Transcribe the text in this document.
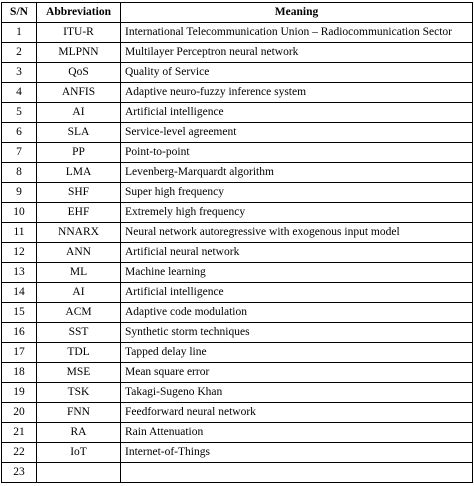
S/N	Abbreviation	Meaning
1	ITU-R	International Telecommunication Union – Radiocommunication Sector
2	MLPNN	Multilayer Perceptron neural network
3	QoS	Quality of Service
4	ANFIS	Adaptive neuro-fuzzy inference system
5	AI	Artificial intelligence
6	SLA	Service-level agreement
7	PP	Point-to-point
8	LMA	Levenberg-Marquardt algorithm
9	SHF	Super high frequency
10	EHF	Extremely high frequency
11	NNARX	Neural network autoregressive with exogenous input model
12	ANN	Artificial neural network
13	ML	Machine learning
14	AI	Artificial intelligence
15	ACM	Adaptive code modulation
16	SST	Synthetic storm techniques
17	TDL	Tapped delay line
18	MSE	Mean square error
19	TSK	Takagi-Sugeno Khan
20	FNN	Feedforward neural network
21	RA	Rain Attenuation
22	IoT	Internet-of-Things
23		
